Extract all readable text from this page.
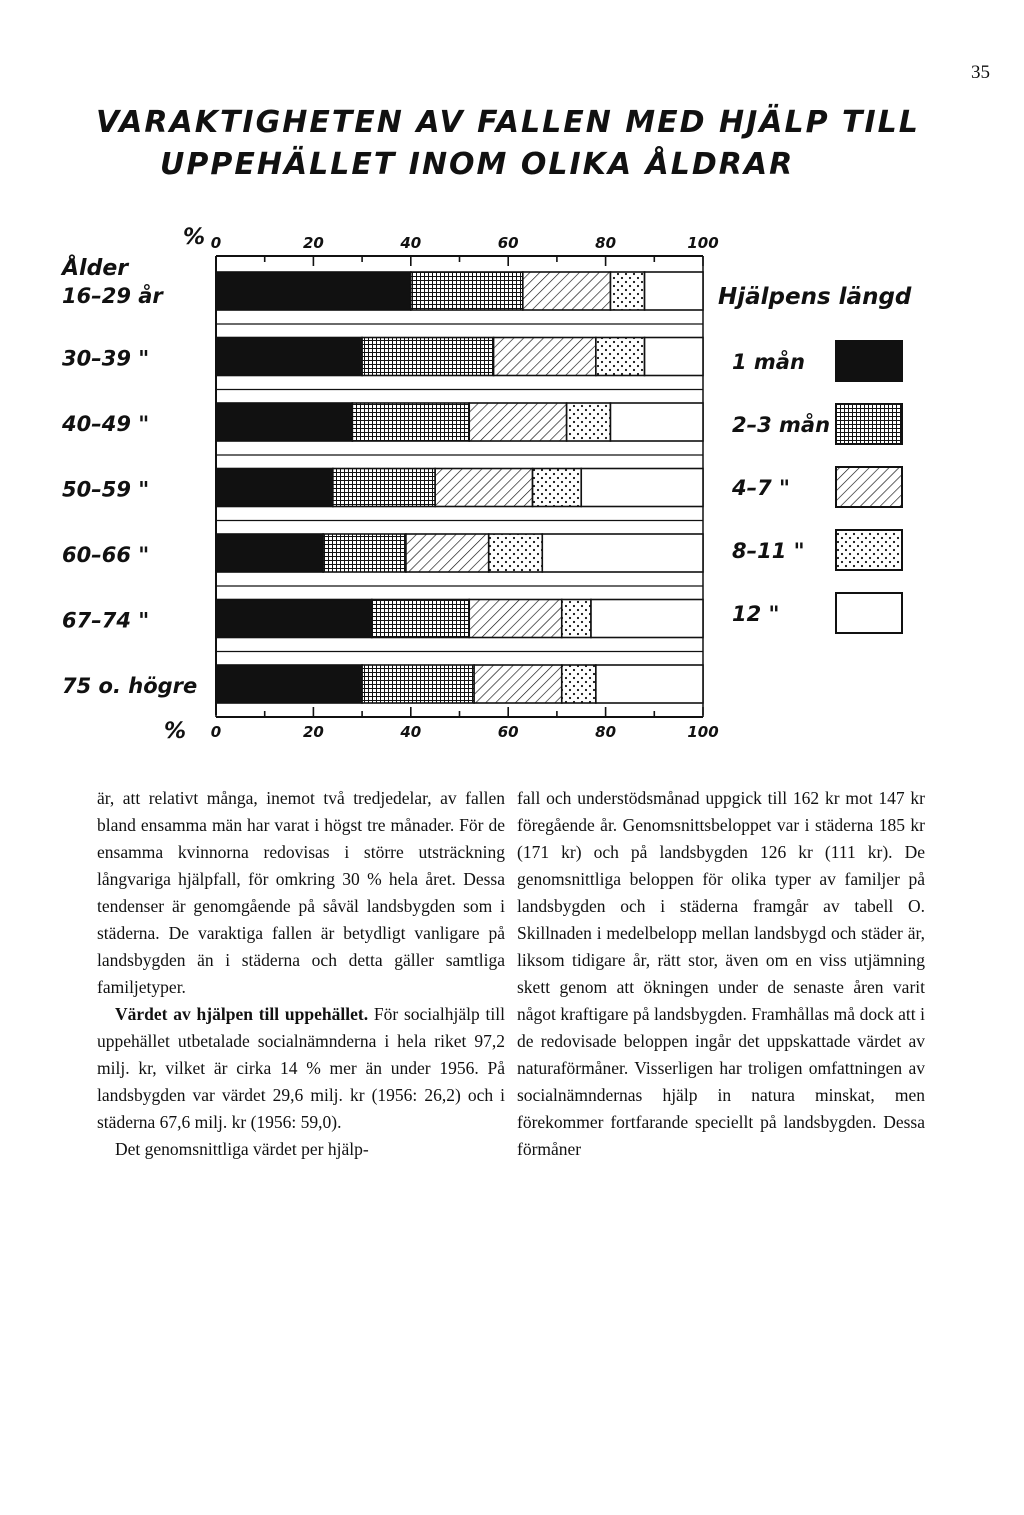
35
VARAKTIGHETEN AV FALLEN MED HJÄLP TILL
UPPEHÄLLET INOM OLIKA ÅLDRAR
% 0	20	40	60	80	100
% 0	20	40	60	80	100
Ålder
16–29 år
30–39 "
40–49 "
50–59 "
60–66 "
67–74 "
75 o. högre
Hjälpens längd
1 mån
2–3 mån
4–7 "
8–11 "
12 "

är, att relativt många, inemot två tredjedelar, av fallen bland ensamma män har varat i högst tre månader. För de ensamma kvinnorna redovisas i större utsträckning långvariga hjälpfall, för omkring 30 % hela året. Dessa tendenser är genomgående på såväl landsbygden som i städerna. De varaktiga fallen är betydligt vanligare på landsbygden än i städerna och detta gäller samtliga familjetyper.

Värdet av hjälpen till uppehället. För socialhjälp till uppehället utbetalade socialnämnderna i hela riket 97,2 milj. kr, vilket är cirka 14 % mer än under 1956. På landsbygden var värdet 29,6 milj. kr (1956: 26,2) och i städerna 67,6 milj. kr (1956: 59,0).

Det genomsnittliga värdet per hjälp-

fall och understödsmånad uppgick till 162 kr mot 147 kr föregående år. Genomsnittsbeloppet var i städerna 185 kr (171 kr) och på landsbygden 126 kr (111 kr). De genomsnittliga beloppen för olika typer av familjer på landsbygden och i städerna framgår av tabell O. Skillnaden i medelbelopp mellan landsbygd och städer är, liksom tidigare år, rätt stor, även om en viss utjämning skett genom att ökningen under de senaste åren varit något kraftigare på landsbygden. Framhållas må dock att i de redovisade beloppen ingår det uppskattade värdet av naturaförmåner. Visserligen har troligen omfattningen av socialnämndernas hjälp in natura minskat, men förekommer fortfarande speciellt på landsbygden. Dessa förmåner
